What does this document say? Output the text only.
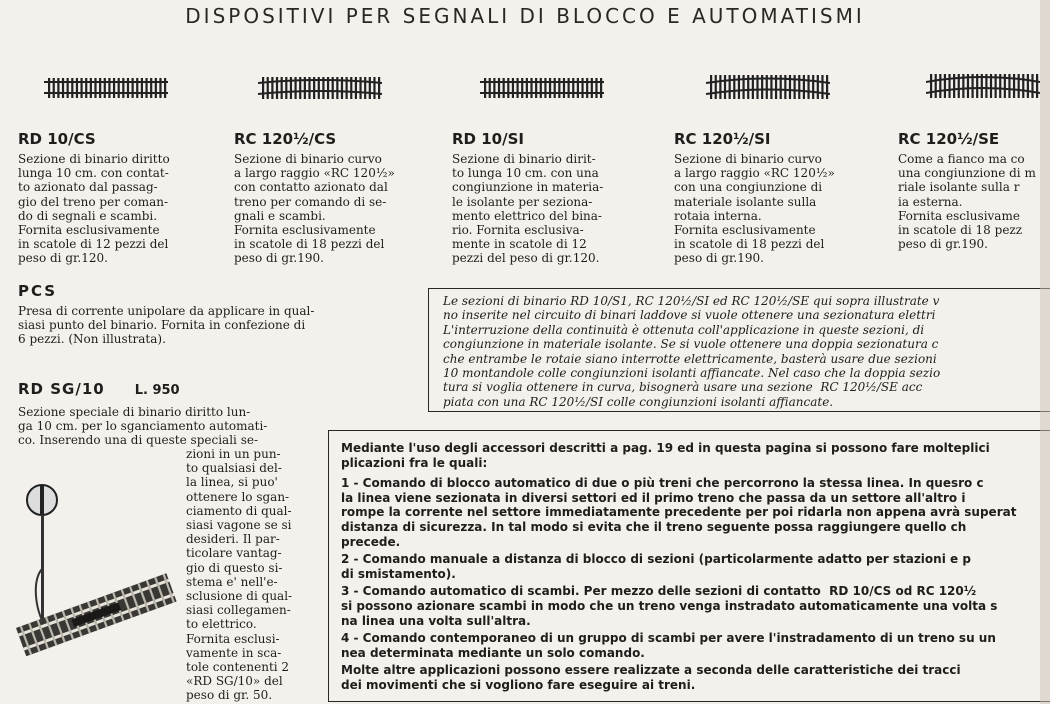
DISPOSITIVI PER SEGNALI DI BLOCCO E AUTOMATISMI
RD 10/CS
Sezione di binario diritto
lunga 10 cm. con contat-
to azionato dal passag-
gio del treno per coman-
do di segnali e scambi.
Fornita esclusivamente
in scatole di 12 pezzi del
peso di gr.120.
RC 120½/CS
Sezione di binario curvo
a largo raggio «RC 120½»
con contatto azionato dal
treno per comando di se-
gnali e scambi.
Fornita esclusivamente
in scatole di 18 pezzi del
peso di gr.190.
RD 10/SI
Sezione di binario dirit-
to lunga 10 cm. con una
congiunzione in materia-
le isolante per seziona-
mento elettrico del bina-
rio. Fornita esclusiva-
mente in scatole di 12
pezzi del peso di gr.120.
RC 120½/SI
Sezione di binario curvo
a largo raggio «RC 120½»
con una congiunzione di
materiale isolante sulla
rotaia interna.
Fornita esclusivamente
in scatole di 18 pezzi del
peso di gr.190.
RC 120½/SE
Come a fianco ma co
una congiunzione di m
riale isolante sulla r
ia esterna.
Fornita esclusivame
in scatole di 18 pezz
peso di gr.190.
PCS
Presa di corrente unipolare da applicare in qual-
siasi punto del binario. Fornita in confezione di
6 pezzi. (Non illustrata).
Le sezioni di binario RD 10/S1, RC 120½/SI ed RC 120½/SE qui sopra illustrate v
no inserite nel circuito di binari laddove si vuole ottenere una sezionatura elettri
L'interruzione della continuità è ottenuta coll'applicazione in queste sezioni, di
congiunzione in materiale isolante. Se si vuole ottenere una doppia sezionatura c
che entrambe le rotaie siano interrotte elettricamente, basterà usare due sezioni
10 montandole colle congiunzioni isolanti affiancate. Nel caso che la doppia sezio
tura si voglia ottenere in curva, bisognerà usare una sezione  RC 120½/SE acc
piata con una RC 120½/SI colle congiunzioni isolanti affiancate.
RD SG/10 L. 950
Sezione speciale di binario diritto lun-
ga 10 cm. per lo sganciamento automati-
co. Inserendo una di queste speciali se-
zioni in un pun-
to qualsiasi del-
la linea, si puo'
ottenere lo sgan-
ciamento di qual-
siasi vagone se si
desideri. Il par-
ticolare vantag-
gio di questo si-
stema e' nell'e-
sclusione di qual-
siasi collegamen-
to elettrico.
Fornita esclusi-
vamente in sca-
tole contenenti 2
«RD SG/10» del
peso di gr. 50.

Mediante l'uso degli accessori descritti a pag. 19 ed in questa pagina si possono fare molteplici
plicazioni fra le quali:

1 - Comando di blocco automatico di due o più treni che percorrono la stessa linea. In quesro c
la linea viene sezionata in diversi settori ed il primo treno che passa da un settore all'altro i
rompe la corrente nel settore immediatamente precedente per poi ridarla non appena avrà superat
distanza di sicurezza. In tal modo si evita che il treno seguente possa raggiungere quello ch
precede.

2 - Comando manuale a distanza di blocco di sezioni (particolarmente adatto per stazioni e p
di smistamento).

3 - Comando automatico di scambi. Per mezzo delle sezioni di contatto  RD 10/CS od RC 120½
si possono azionare scambi in modo che un treno venga instradato automaticamente una volta s
na linea una volta sull'altra.

4 - Comando contemporaneo di un gruppo di scambi per avere l'instradamento di un treno su un
nea determinata mediante un solo comando.

Molte altre applicazioni possono essere realizzate a seconda delle caratteristiche dei tracci
dei movimenti che si vogliono fare eseguire ai treni.
